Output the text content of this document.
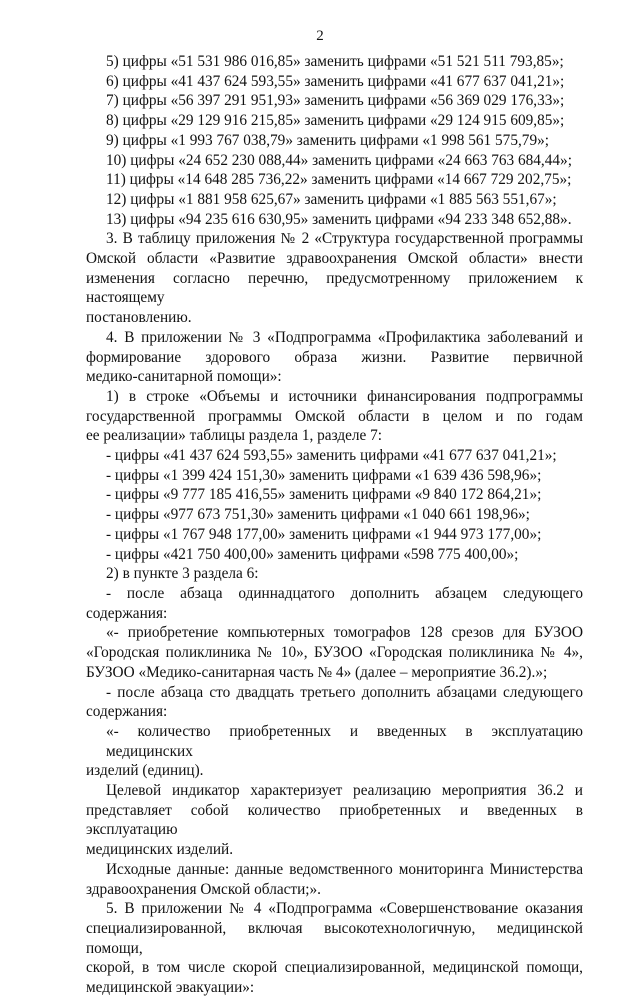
2
5) цифры «51 531 986 016,85» заменить цифрами «51 521 511 793,85»;
6) цифры «41 437 624 593,55» заменить цифрами «41 677 637 041,21»;
7) цифры «56 397 291 951,93» заменить цифрами «56 369 029 176,33»;
8) цифры «29 129 916 215,85» заменить цифрами «29 124 915 609,85»;
9) цифры «1 993 767 038,79» заменить цифрами «1 998 561 575,79»;
10) цифры «24 652 230 088,44» заменить цифрами «24 663 763 684,44»;
11) цифры «14 648 285 736,22» заменить цифрами «14 667 729 202,75»;
12) цифры «1 881 958 625,67» заменить цифрами «1 885 563 551,67»;
13) цифры «94 235 616 630,95» заменить цифрами «94 233 348 652,88».
3. В таблицу приложения № 2 «Структура государственной программы
Омской области «Развитие здравоохранения Омской области» внести
изменения согласно перечню, предусмотренному приложением к настоящему
постановлению.
4. В приложении № 3 «Подпрограмма «Профилактика заболеваний и
формирование здорового образа жизни. Развитие первичной
медико-санитарной помощи»:
1) в строке «Объемы и источники финансирования подпрограммы
государственной программы Омской области в целом и по годам
ее реализации» таблицы раздела 1, разделе 7:
- цифры «41 437 624 593,55» заменить цифрами «41 677 637 041,21»;
- цифры «1 399 424 151,30» заменить цифрами «1 639 436 598,96»;
- цифры «9 777 185 416,55» заменить цифрами «9 840 172 864,21»;
- цифры «977 673 751,30» заменить цифрами «1 040 661 198,96»;
- цифры «1 767 948 177,00» заменить цифрами «1 944 973 177,00»;
- цифры «421 750 400,00» заменить цифрами «598 775 400,00»;
2) в пункте 3 раздела 6:
- после абзаца одиннадцатого дополнить абзацем следующего
содержания:
«- приобретение компьютерных томографов 128 срезов для БУЗОО
«Городская поликлиника № 10», БУЗОО «Городская поликлиника № 4»,
БУЗОО «Медико-санитарная часть № 4» (далее – мероприятие 36.2).»;
- после абзаца сто двадцать третьего дополнить абзацами следующего
содержания:
«- количество приобретенных и введенных в эксплуатацию медицинских
изделий (единиц).
Целевой индикатор характеризует реализацию мероприятия 36.2 и
представляет собой количество приобретенных и введенных в эксплуатацию
медицинских изделий.
Исходные данные: данные ведомственного мониторинга Министерства
здравоохранения Омской области;».
5. В приложении № 4 «Подпрограмма «Совершенствование оказания
специализированной, включая высокотехнологичную, медицинской помощи,
скорой, в том числе скорой специализированной, медицинской помощи,
медицинской эвакуации»:
